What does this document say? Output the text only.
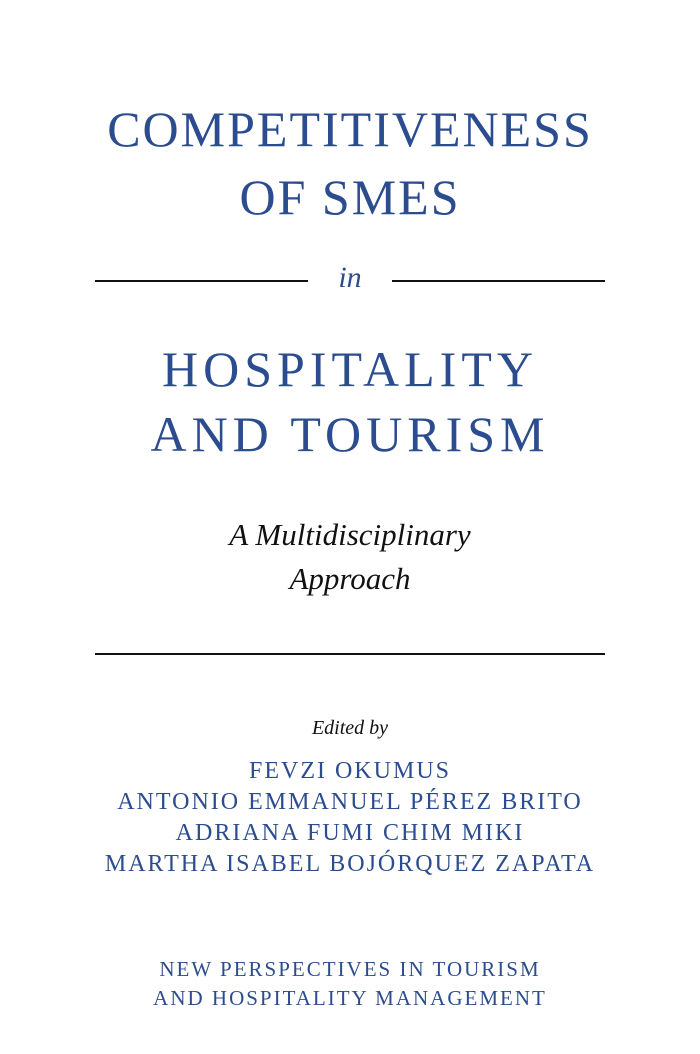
COMPETITIVENESS
OF SMES
in
HOSPITALITY
AND TOURISM
A Multidisciplinary
Approach
Edited by
FEVZI OKUMUS
ANTONIO EMMANUEL PÉREZ BRITO
ADRIANA FUMI CHIM MIKI
MARTHA ISABEL BOJÓRQUEZ ZAPATA
NEW PERSPECTIVES IN TOURISM
AND HOSPITALITY MANAGEMENT
